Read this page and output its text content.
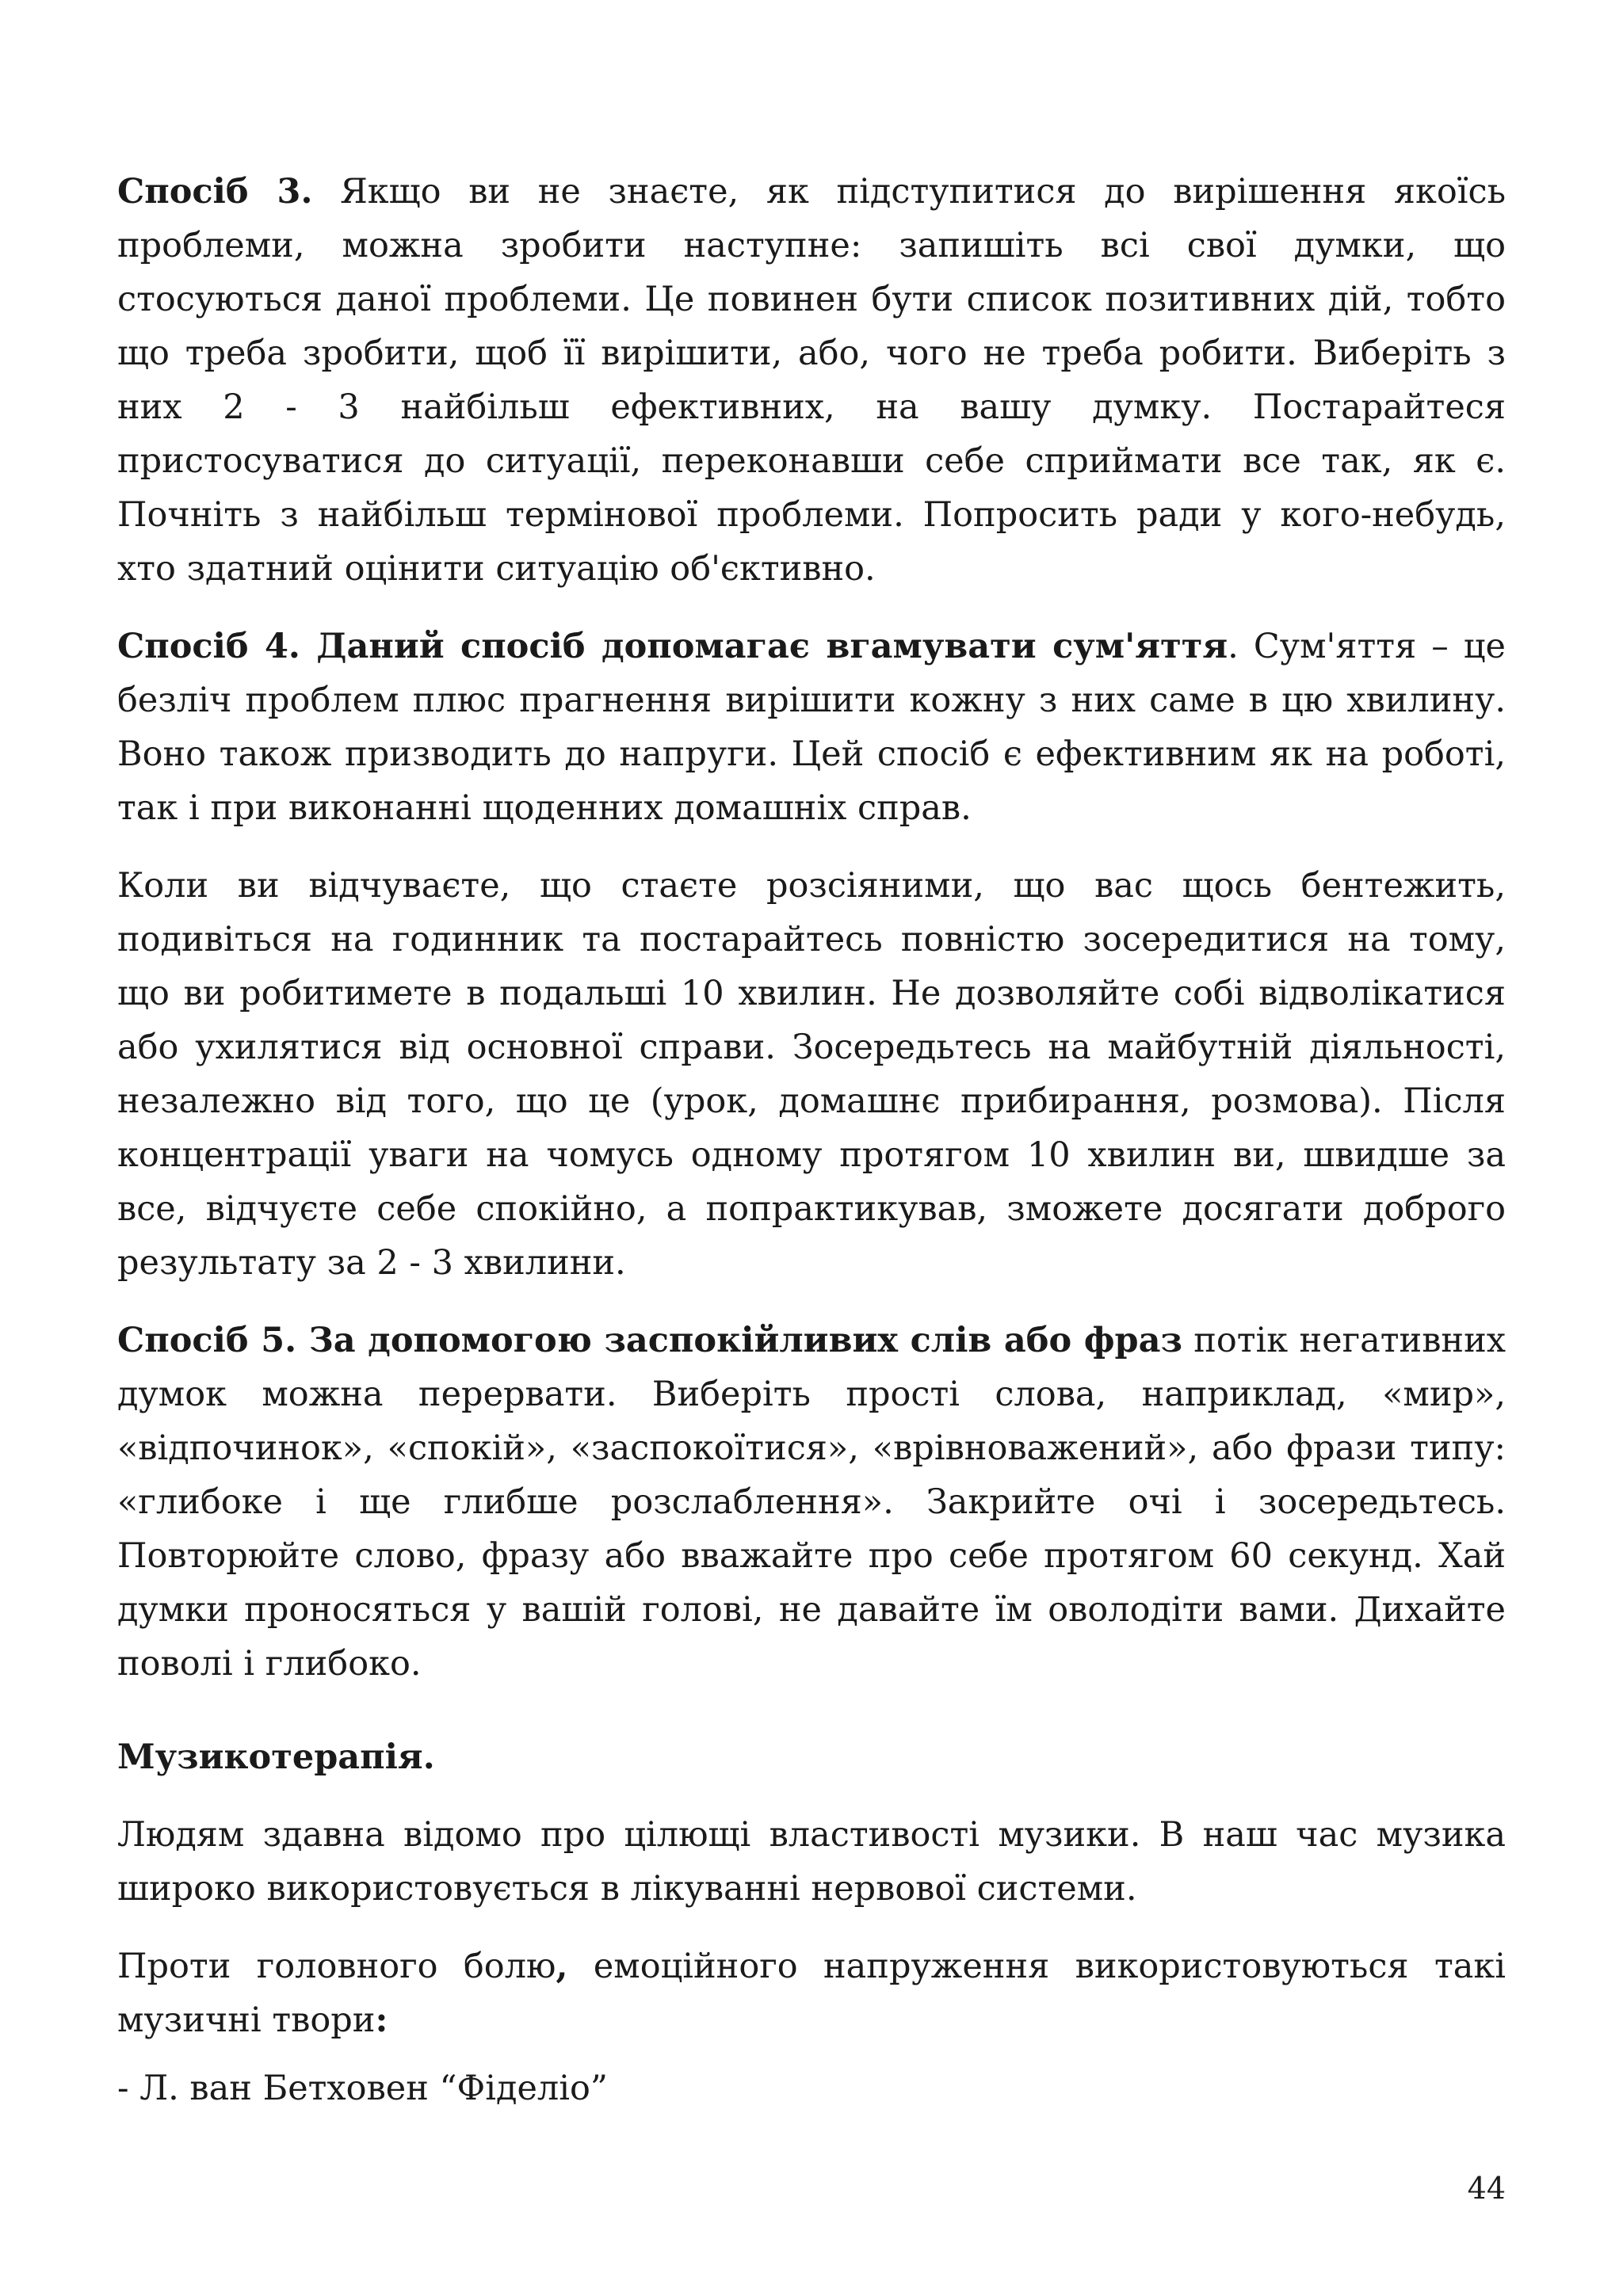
Спосіб 3. Якщо ви не знаєте, як підступитися до вирішення якоїсь проблеми, можна зробити наступне: запишіть всі свої думки, що стосуються даної проблеми. Це повинен бути список позитивних дій, тобто що треба зробити, щоб її вирішити, або, чого не треба робити. Виберіть з них 2 - 3 найбільш ефективних, на вашу думку. Постарайтеся пристосуватися до ситуації, переконавши себе сприймати все так, як є. Почніть з найбільш термінової проблеми. Попросить ради у кого-небудь, хто здатний оцінити ситуацію об'єктивно.

Спосіб 4. Даний спосіб допомагає вгамувати сум'яття. Сум'яття – це безліч проблем плюс прагнення вирішити кожну з них саме в цю хвилину. Воно також призводить до напруги. Цей спосіб є ефективним як на роботі, так і при виконанні щоденних домашніх справ.

Коли ви відчуваєте, що стаєте розсіяними, що вас щось бентежить, подивіться на годинник та постарайтесь повністю зосередитися на тому, що ви робитимете в подальші 10 хвилин. Не дозволяйте собі відволікатися або ухилятися від основної справи. Зосередьтесь на майбутній діяльності, незалежно від того, що це (урок, домашнє прибирання, розмова). Після концентрації уваги на чомусь одному протягом 10 хвилин ви, швидше за все, відчуєте себе спокійно, а попрактикував, зможете досягати доброго результату за 2 - 3 хвилини.

Спосіб 5. За допомогою заспокійливих слів або фраз потік негативних думок можна перервати. Виберіть прості слова, наприклад, «мир», «відпочинок», «спокій», «заспокоїтися», «врівноважений», або фрази типу: «глибоке і ще глибше розслаблення». Закрийте очі і зосередьтесь. Повторюйте слово, фразу або вважайте про себе протягом 60 секунд. Хай думки проносяться у вашій голові, не давайте їм оволодіти вами. Дихайте поволі і глибоко.

Музикотерапія.

Людям здавна відомо про цілющі властивості музики. В наш час музика широко використовується в лікуванні нервової системи.

Проти головного болю, емоційного напруження використовуються такі музичні твори:

- Л. ван Бетховен “Фіделіо”

44
